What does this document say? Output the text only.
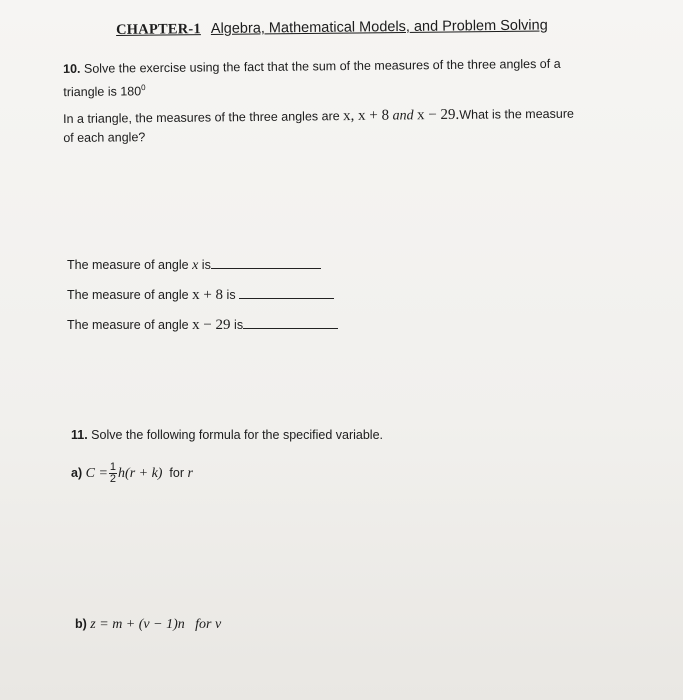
CHAPTER-1 Algebra, Mathematical Models, and Problem Solving
10. Solve the exercise using the fact that the sum of the measures of the three angles of a
triangle is $180^0$
In a triangle, the measures of the three angles are x, x + 8 and x − 29.What is the measure
of each angle?
The measure of angle x is
The measure of angle x + 8 is
The measure of angle x − 29 is
11. Solve the following formula for the specified variable.
a) $C = \frac{1}{2} h(r + k)$ for r
b) z = m + (v − 1)n for v
